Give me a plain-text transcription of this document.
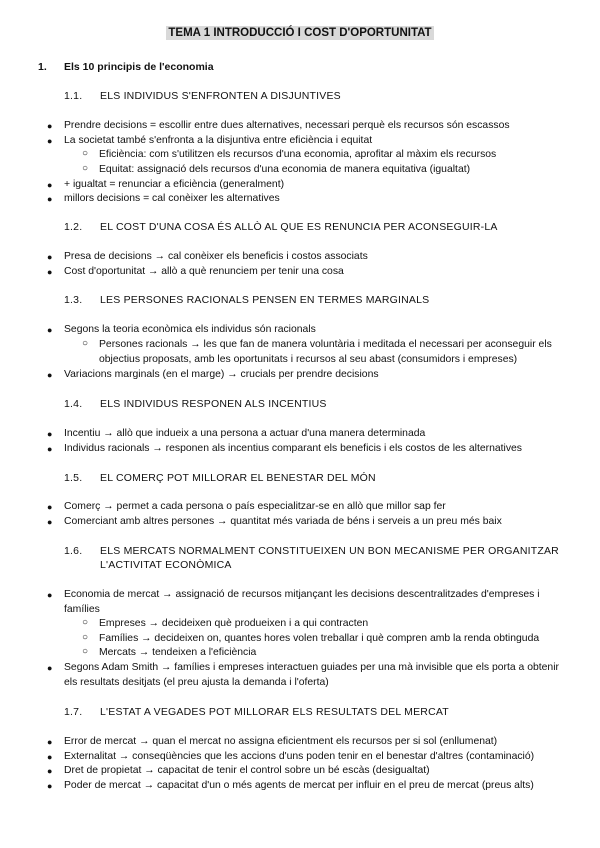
TEMA 1 INTRODUCCIÓ I COST D'OPORTUNITAT
1. Els 10 principis de l'economia
1.1. ELS INDIVIDUS S'ENFRONTEN A DISJUNTIVES
● Prendre decisions = escollir entre dues alternatives, necessari perquè els recursos són escassos
● La societat també s'enfronta a la disjuntiva entre eficiència i equitat
○ Eficiència: com s'utilitzen els recursos d'una economia, aprofitar al màxim els recursos
○ Equitat: assignació dels recursos d'una economia de manera equitativa (igualtat)
● + igualtat = renunciar a eficiència (generalment)
● millors decisions = cal conèixer les alternatives
1.2. EL COST D'UNA COSA ÉS ALLÒ AL QUE ES RENUNCIA PER ACONSEGUIR-LA
● Presa de decisions → cal conèixer els beneficis i costos associats
● Cost d'oportunitat → allò a què renunciem per tenir una cosa
1.3. LES PERSONES RACIONALS PENSEN EN TERMES MARGINALS
● Segons la teoria econòmica els individus són racionals
○ Persones racionals → les que fan de manera voluntària i meditada el necessari per aconseguir els objectius proposats, amb les oportunitats i recursos al seu abast (consumidors i empreses)
● Variacions marginals (en el marge) → crucials per prendre decisions
1.4. ELS INDIVIDUS RESPONEN ALS INCENTIUS
● Incentiu → allò que indueix a una persona a actuar d'una manera determinada
● Individus racionals → responen als incentius comparant els beneficis i els costos de les alternatives
1.5. EL COMERÇ POT MILLORAR EL BENESTAR DEL MÓN
● Comerç → permet a cada persona o país especialitzar-se en allò que millor sap fer
● Comerciant amb altres persones → quantitat més variada de béns i serveis a un preu més baix
1.6. ELS MERCATS NORMALMENT CONSTITUEIXEN UN BON MECANISME PER ORGANITZAR L'ACTIVITAT ECONÒMICA
● Economia de mercat → assignació de recursos mitjançant les decisions descentralitzades d'empreses i famílies
○ Empreses → decideixen què produeixen i a qui contracten
○ Famílies → decideixen on, quantes hores volen treballar i què compren amb la renda obtinguda
○ Mercats → tendeixen a l'eficiència
● Segons Adam Smith → famílies i empreses interactuen guiades per una mà invisible que els porta a obtenir els resultats desitjats (el preu ajusta la demanda i l'oferta)
1.7. L'ESTAT A VEGADES POT MILLORAR ELS RESULTATS DEL MERCAT
● Error de mercat → quan el mercat no assigna eficientment els recursos per si sol (enllumenat)
● Externalitat → conseqüències que les accions d'uns poden tenir en el benestar d'altres (contaminació)
● Dret de propietat → capacitat de tenir el control sobre un bé escàs (desigualtat)
● Poder de mercat → capacitat d'un o més agents de mercat per influir en el preu de mercat (preus alts)
